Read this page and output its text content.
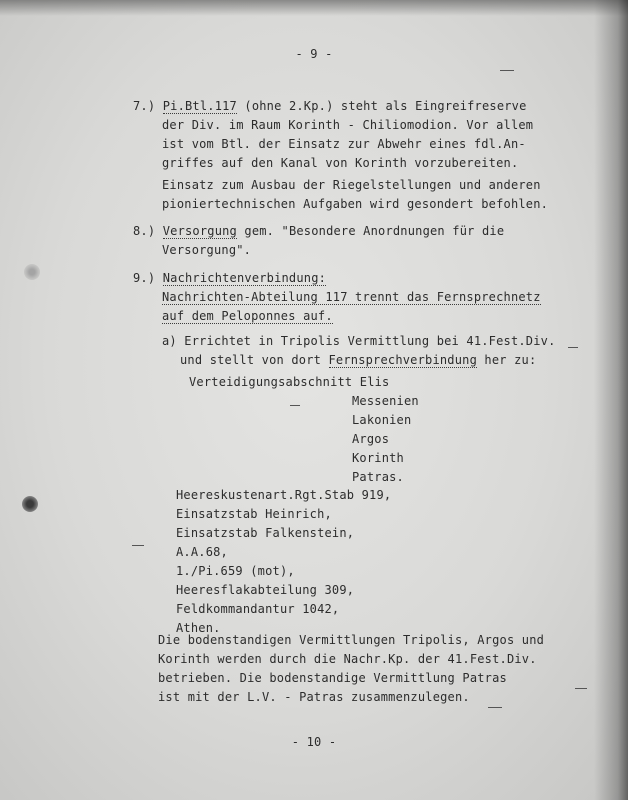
- 9 -
7.) Pi.Btl.117 (ohne 2.Kp.) steht als Eingreifreserve
der Div. im Raum Korinth - Chiliomodion. Vor allem
ist vom Btl. der Einsatz zur Abwehr eines fdl.An-
griffes auf den Kanal von Korinth vorzubereiten.
Einsatz zum Ausbau der Riegelstellungen und anderen
pioniertechnischen Aufgaben wird gesondert befohlen.
8.) Versorgung gem. "Besondere Anordnungen für die
Versorgung".
9.) Nachrichtenverbindung:
Nachrichten-Abteilung 117 trennt das Fernsprechnetz
auf dem Peloponnes auf.
a) Errichtet in Tripolis Vermittlung bei 41.Fest.Div.
und stellt von dort Fernsprechverbindung her zu:
Verteidigungsabschnitt Elis
Messenien
Lakonien
Argos
Korinth
Patras.
Heereskustenart.Rgt.Stab 919,
Einsatzstab Heinrich,
Einsatzstab Falkenstein,
A.A.68,
1./Pi.659 (mot),
Heeresflakabteilung 309,
Feldkommandantur 1042,
Athen.
Die bodenstandigen Vermittlungen Tripolis, Argos und
Korinth werden durch die Nachr.Kp. der 41.Fest.Div.
betrieben. Die bodenstandige Vermittlung Patras
ist mit der L.V. - Patras zusammenzulegen.
- 10 -
